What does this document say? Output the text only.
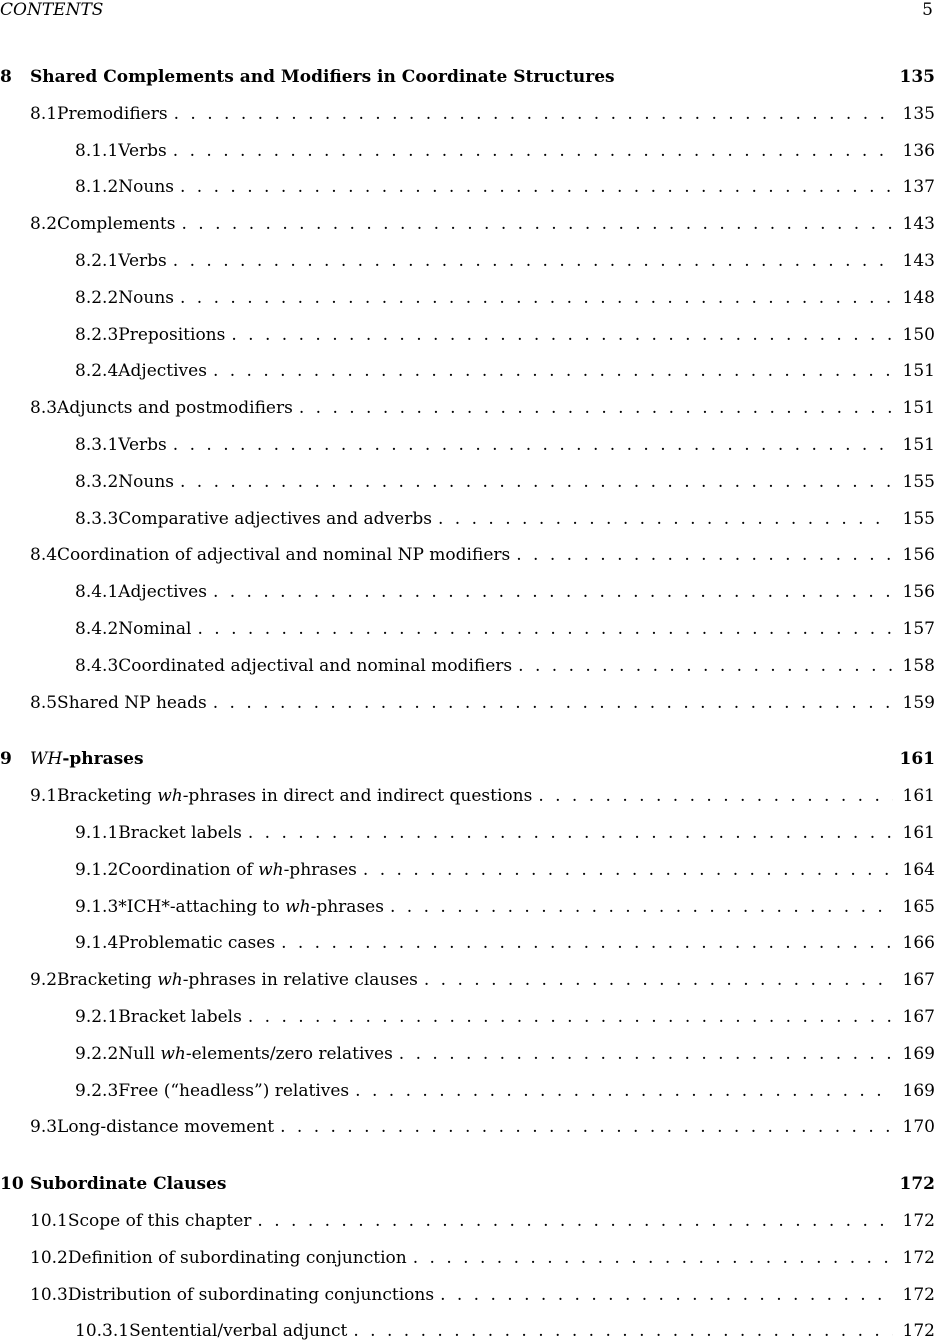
CONTENTS	5
8	Shared Complements and Modifiers in Coordinate Structures	135
8.1 Premodifiers . . .	135
8.1.1 Verbs . . .	136
8.1.2 Nouns . . .	137
8.2 Complements . . .	143
8.2.1 Verbs . . .	143
8.2.2 Nouns . . .	148
8.2.3 Prepositions . . .	150
8.2.4 Adjectives . . .	151
8.3 Adjuncts and postmodifiers . . .	151
8.3.1 Verbs . . .	151
8.3.2 Nouns . . .	155
8.3.3 Comparative adjectives and adverbs . . .	155
8.4 Coordination of adjectival and nominal NP modifiers . . .	156
8.4.1 Adjectives . . .	156
8.4.2 Nominal . . .	157
8.4.3 Coordinated adjectival and nominal modifiers . . .	158
8.5 Shared NP heads . . .	159
9	WH-phrases	161
9.1 Bracketing wh-phrases in direct and indirect questions . . .	161
9.1.1 Bracket labels . . .	161
9.1.2 Coordination of wh-phrases . . .	164
9.1.3 *ICH*-attaching to wh-phrases . . .	165
9.1.4 Problematic cases . . .	166
9.2 Bracketing wh-phrases in relative clauses . . .	167
9.2.1 Bracket labels . . .	167
9.2.2 Null wh-elements/zero relatives . . .	169
9.2.3 Free (“headless”) relatives . . .	169
9.3 Long-distance movement . . .	170
10 Subordinate Clauses	172
10.1 Scope of this chapter . . .	172
10.2 Definition of subordinating conjunction . . .	172
10.3 Distribution of subordinating conjunctions . . .	172
10.3.1 Sentential/verbal adjunct . . .	172
